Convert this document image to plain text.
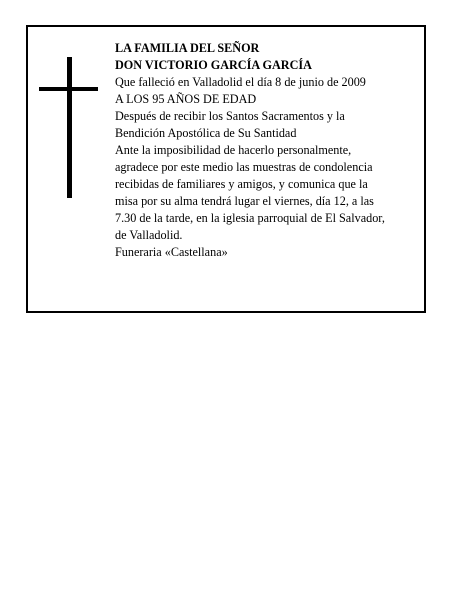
LA FAMILIA DEL SEÑOR
DON VICTORIO GARCÍA GARCÍA
Que falleció en Valladolid el día 8 de junio de 2009
A LOS 95 AÑOS DE EDAD
Después de recibir los Santos Sacramentos y la
Bendición Apostólica de Su Santidad
Ante la imposibilidad de hacerlo personalmente,
agradece por este medio las muestras de condolencia
recibidas de familiares y amigos, y comunica que la
misa por su alma tendrá lugar el viernes, día 12, a las
7.30 de la tarde, en la iglesia parroquial de El Salvador,
de Valladolid.
Funeraria «Castellana»
